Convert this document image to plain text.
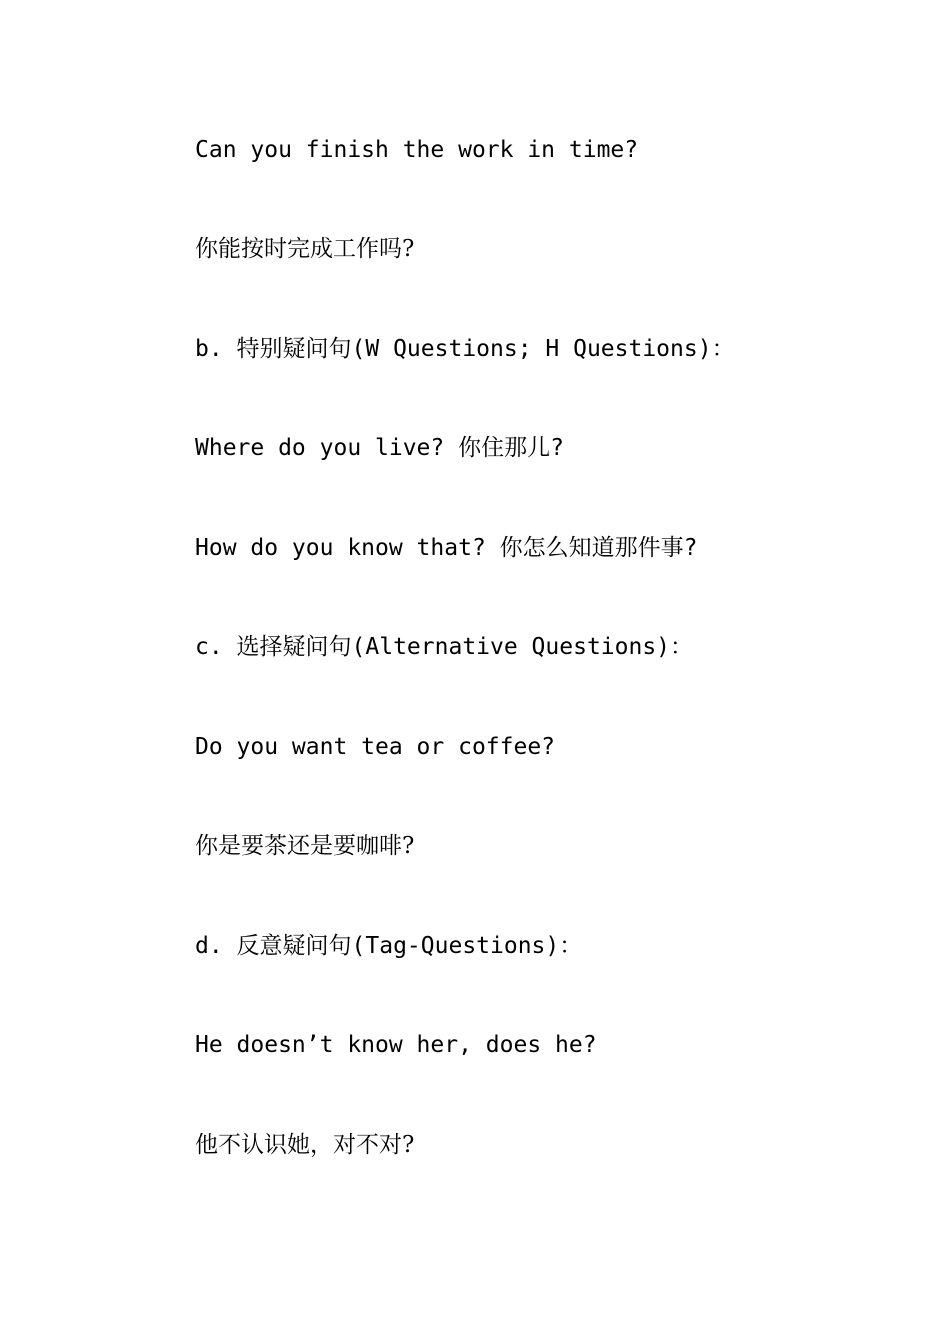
Can you finish the work in time?
你能按时完成工作吗?
b. 特别疑问句(W Questions; H Questions)：
Where do you live? 你住那儿?
How do you know that? 你怎么知道那件事?
c. 选择疑问句(Alternative Questions)：
Do you want tea or coffee?
你是要茶还是要咖啡?
d. 反意疑问句(Tag-Questions)：
He doesn’t know her, does he?
他不认识她，对不对?
